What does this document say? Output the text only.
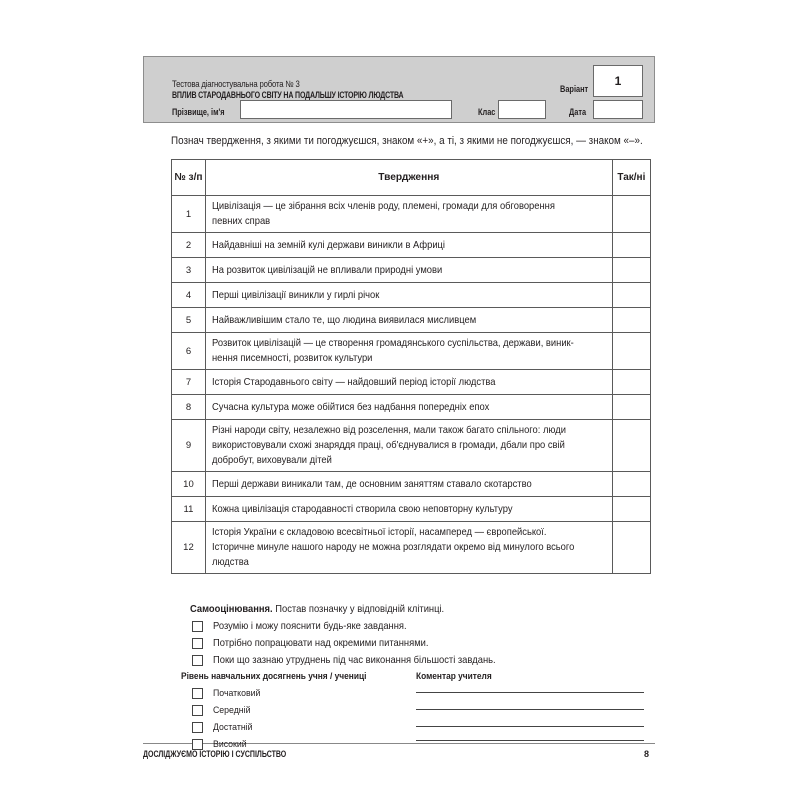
Тестова діагностувальна робота № 3
ВПЛИВ СТАРОДАВНЬОГО СВІТУ НА ПОДАЛЬШУ ІСТОРІЮ ЛЮДСТВА
Варіант
1
Прізвище, ім'я	Клас	Дата
Познач твердження, з якими ти погоджуєшся, знаком «+», а ті, з якими не погоджуєшся, — знаком «–».
№ з/п	Твердження	Так/ні
1	Цивілізація — це зібрання всіх членів роду, племені, громади для обговорення
певних справ	

2	Найдавніші на земній кулі держави виникли в Африці	

3	На розвиток цивілізацій не впливали природні умови	

4	Перші цивілізації виникли у гирлі річок	

5	Найважливішим стало те, що людина виявилася мисливцем	

6	Розвиток цивілізацій — це створення громадянського суспільства, держави, виник-
нення писемності, розвиток культури	

7	Історія Стародавнього світу — найдовший період історії людства	

8	Сучасна культура може обійтися без надбання попередніх епох	

9	Різні народи світу, незалежно від розселення, мали також багато спільного: люди
використовували схожі знаряддя праці, об'єднувалися в громади, дбали про свій
добробут, виховували дітей	

10	Перші держави виникали там, де основним заняттям ставало скотарство	

11	Кожна цивілізація стародавності створила свою неповторну культуру	

12	Історія України є складовою всесвітньої історії, насамперед — європейської.
Історичне минуле нашого народу не можна розглядати окремо від минулого всього
людства	

Самооцінювання. Постав позначку у відповідній клітинці.
Розумію і можу пояснити будь-яке завдання.
Потрібно попрацювати над окремими питаннями.
Поки що зазнаю утруднень під час виконання більшості завдань.
Рівень навчальних досягнень учня / учениці	Коментар учителя
Початковий
Середній
Достатній
ДОСЛІДЖУЄМО ІСТОРІЮ І СУСПІЛЬСТВО	8
Високий
